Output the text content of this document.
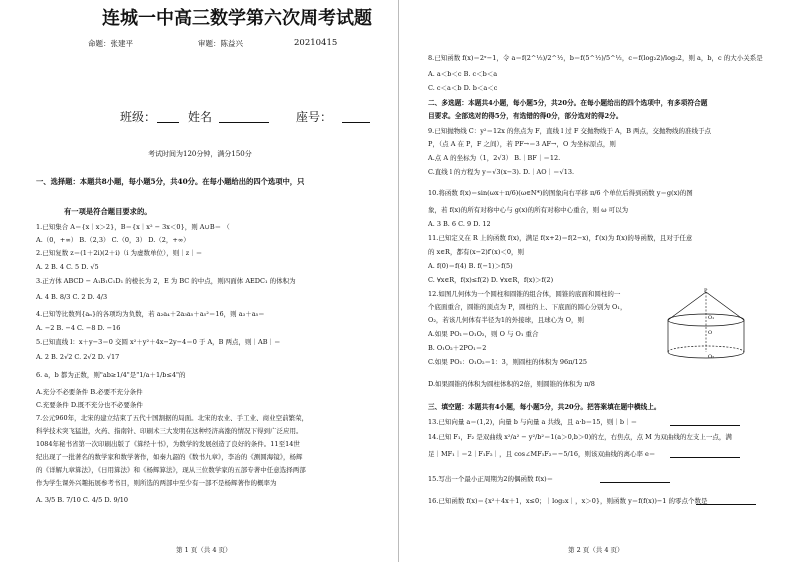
连城一中高三数学第六次周考试题
命题：张建平	审题：陈益兴	20210415
班级：	姓名	座号：
考试时间为120分钟，满分150分
一、选择题：本题共8小题，每小题5分，共40分。在每小题给出的四个选项中，只
有一项是符合题目要求的。
1.已知集合 A＝{x｜x＞2}，B＝{x｜x² − 3x＜0}，则 A∪B＝ （
A.（0，+∞） B.（2,3） C.（0，3） D.（2，+∞）
2.已知复数 z＝(1＋2i)(2＋i)（i 为虚数单位），则｜z｜＝
A. 2 B. 4 C. 5 D. √5
3.正方体 ABCD − A₁B₁C₁D₁ 的棱长为 2，E 为 BC 的中点，则四面体 AEDC₁ 的体积为
A. 4 B. 8/3 C. 2 D. 4/3
4.已知等比数列{aₙ}的各项均为负数，若 a₂a₄＋2a₃a₅＋a₅²＝16，则 a₃＋a₅＝
A. −2 B. −4 C. −8 D. −16
5.已知直线 l：x＋y−3＝0 交圆 x²＋y²＋4x−2y−4＝0 于 A，B 两点，则｜AB｜＝
A. 2 B. 2√2 C. 2√2 D. √17
6. a，b 都为正数，则"ab≥1/4"是"1/a＋1/b≤4"的
A.充分不必要条件 B.必要不充分条件
C.充要条件 D.既不充分也不必要条件
7.公元960年，北宋的建立结束了五代十国割据的局面。北宋的农业、手工业、商业空前繁荣，
科学技术突飞猛进，火药、指南针、印刷术三大发明在这种经济高涨的情况下得到广泛应用。
1084年秘书省第一次印刷出版了《算经十书》，为数学的发展创造了良好的条件。11至14世
纪出现了一批著名的数学家和数学著作，如秦九韶的《数书九章》，李冶的《测圆海镜》，杨辉
的《详解九章算法》，《日用算法》和《杨辉算法》，现从三位数学家的五部专著中任意选择两部
作为学生课外兴趣拓展参考书目，则所选的两部中至少有一部不是杨辉著作的概率为
A. 3/5 B. 7/10 C. 4/5 D. 9/10
第 1 页（共 4 页）
8.已知函数 f(x)＝2ˣ−1，令 a＝f(2^½)/2^½，b＝f(5^½)/5^½，c＝f(log₂2)/log₂2，则 a，b，c 的大小关系是
A. a＜b＜c B. c＜b＜a
C. c＜a＜b D. b＜a＜c
二、多选题：本题共4小题，每小题5分，共20分。在每小题给出的四个选项中，有多项符合题
目要求。全部选对的得5分，有选错的得0分，部分选对的得2分。
9.已知抛物线 C：y²＝12x 的焦点为 F，直线 l 过 F 交抛物线于 A，B 两点，交抛物线的准线于点
P，（点 A 在 P，F 之间），若 PF→＝3 AF→，O 为坐标原点，则
A.点 A 的坐标为（1，2√3） B.｜BF｜＝12.
C.直线 l 的方程为 y＝√3(x−3). D.｜AO｜＝√13.
10.将函数 f(x)＝sin(ωx＋π/6)(ω∈N*)的图象向右平移 π/6 个单位后得到函数 y＝g(x)的图
象，若 f(x)的所有对称中心与 g(x)的所有对称中心重合，则 ω 可以为
A. 3 B. 6 C. 9 D. 12
11.已知定义在 R 上的函数 f(x)，满足 f(x+2)＝f(2−x)，f′(x)为 f(x)的导函数，且对于任意
的 x∈R，都有(x−2)f′(x)＜0，则
A. f(0)＝f(4) B. f(−1)＞f(5)
C. ∀x∈R，f(x)≤f(2) D. ∀x∈R，f(x)＞f(2)
12.如图几何体为一个圆柱和圆锥的组合体，圆锥的底面和圆柱的一
个底面重合，圆锥的顶点为 P，圆柱的上、下底面的圆心分别为 O₁，
O₂，若该几何体有半径为1的外接球，且球心为 O，则
A.如果 PO₁＝O₁O₂，则 O 与 O₁ 重合
B. O₁O₂＋2PO₁＝2
C.如果 PO₁：O₁O₂＝1：3，则圆柱的体积为 96π/125
D.如果圆锥的体积为圆柱体积的2倍，则圆锥的体积为 π/8
三、填空题：本题共有4小题，每小题5分，共20分。把答案填在题中横线上。
13.已知向量 a＝(1,2)，向量 b 与向量 a 共线，且 a·b＝15，则｜b｜＝
14.已知 F₁，F₂ 是双曲线 x²/a² − y²/b²＝1(a＞0,b＞0)的左，右焦点，点 M 为双曲线的左支上一点，满
足｜MF₁｜＝2｜F₁F₂｜，且 cos∠MF₁F₂＝−5/16，则该双曲线的离心率 e＝
15.写出一个最小正周期为2的偶函数 f(x)＝
16.已知函数 f(x)＝{x²＋4x＋1，x≤0；｜log₂x｜，x＞0}，则函数 y＝f(f(x))−1 的零点个数是
P
O₁
O
O₂
第 2 页（共 4 页）
